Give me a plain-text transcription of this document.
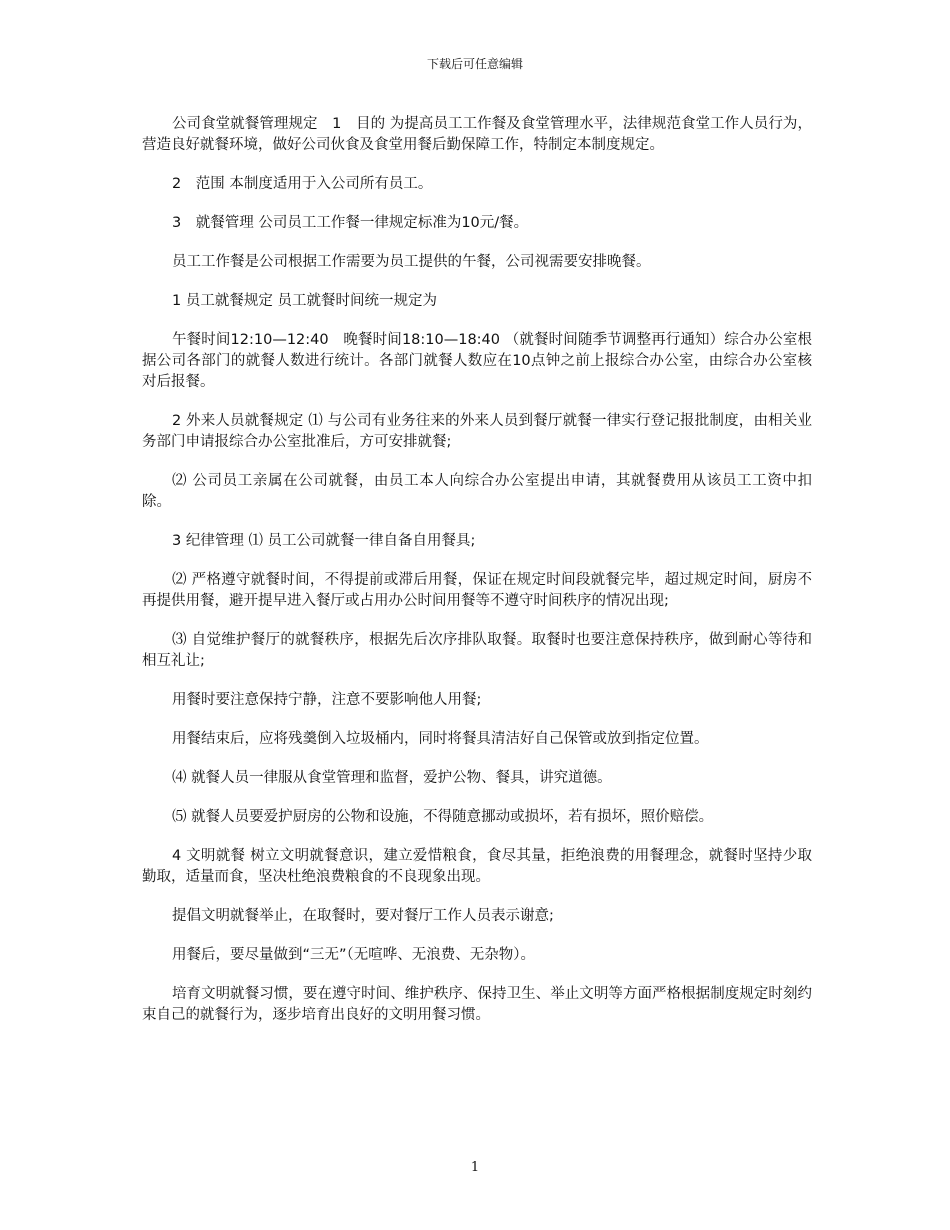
下载后可任意编辑

公司食堂就餐管理规定　1　目的 为提高员工工作餐及食堂管理水平，法律规范食堂工作人员行为，营造良好就餐环境，做好公司伙食及食堂用餐后勤保障工作，特制定本制度规定。

2　范围 本制度适用于入公司所有员工。

3　就餐管理 公司员工工作餐一律规定标准为10元/餐。

员工工作餐是公司根据工作需要为员工提供的午餐，公司视需要安排晚餐。

1 员工就餐规定 员工就餐时间统一规定为

午餐时间12:10—12:40　晚餐时间18:10—18:40 （就餐时间随季节调整再行通知）综合办公室根据公司各部门的就餐人数进行统计。各部门就餐人数应在10点钟之前上报综合办公室，由综合办公室核对后报餐。

2 外来人员就餐规定 ⑴ 与公司有业务往来的外来人员到餐厅就餐一律实行登记报批制度，由相关业务部门申请报综合办公室批准后，方可安排就餐;

⑵ 公司员工亲属在公司就餐，由员工本人向综合办公室提出申请，其就餐费用从该员工工资中扣除。

3 纪律管理 ⑴ 员工公司就餐一律自备自用餐具;

⑵ 严格遵守就餐时间，不得提前或滞后用餐，保证在规定时间段就餐完毕，超过规定时间，厨房不再提供用餐，避开提早进入餐厅或占用办公时间用餐等不遵守时间秩序的情况出现;

⑶ 自觉维护餐厅的就餐秩序，根据先后次序排队取餐。取餐时也要注意保持秩序，做到耐心等待和相互礼让;

用餐时要注意保持宁静，注意不要影响他人用餐;

用餐结束后，应将残羹倒入垃圾桶内，同时将餐具清洁好自己保管或放到指定位置。

⑷ 就餐人员一律服从食堂管理和监督，爱护公物、餐具，讲究道德。

⑸ 就餐人员要爱护厨房的公物和设施，不得随意挪动或损坏，若有损坏，照价赔偿。

4 文明就餐 树立文明就餐意识，建立爱惜粮食，食尽其量，拒绝浪费的用餐理念，就餐时坚持少取勤取，适量而食，坚决杜绝浪费粮食的不良现象出现。

提倡文明就餐举止，在取餐时，要对餐厅工作人员表示谢意;

用餐后，要尽量做到“三无”（无喧哗、无浪费、无杂物）。

培育文明就餐习惯，要在遵守时间、维护秩序、保持卫生、举止文明等方面严格根据制度规定时刻约束自己的就餐行为，逐步培育出良好的文明用餐习惯。

1
